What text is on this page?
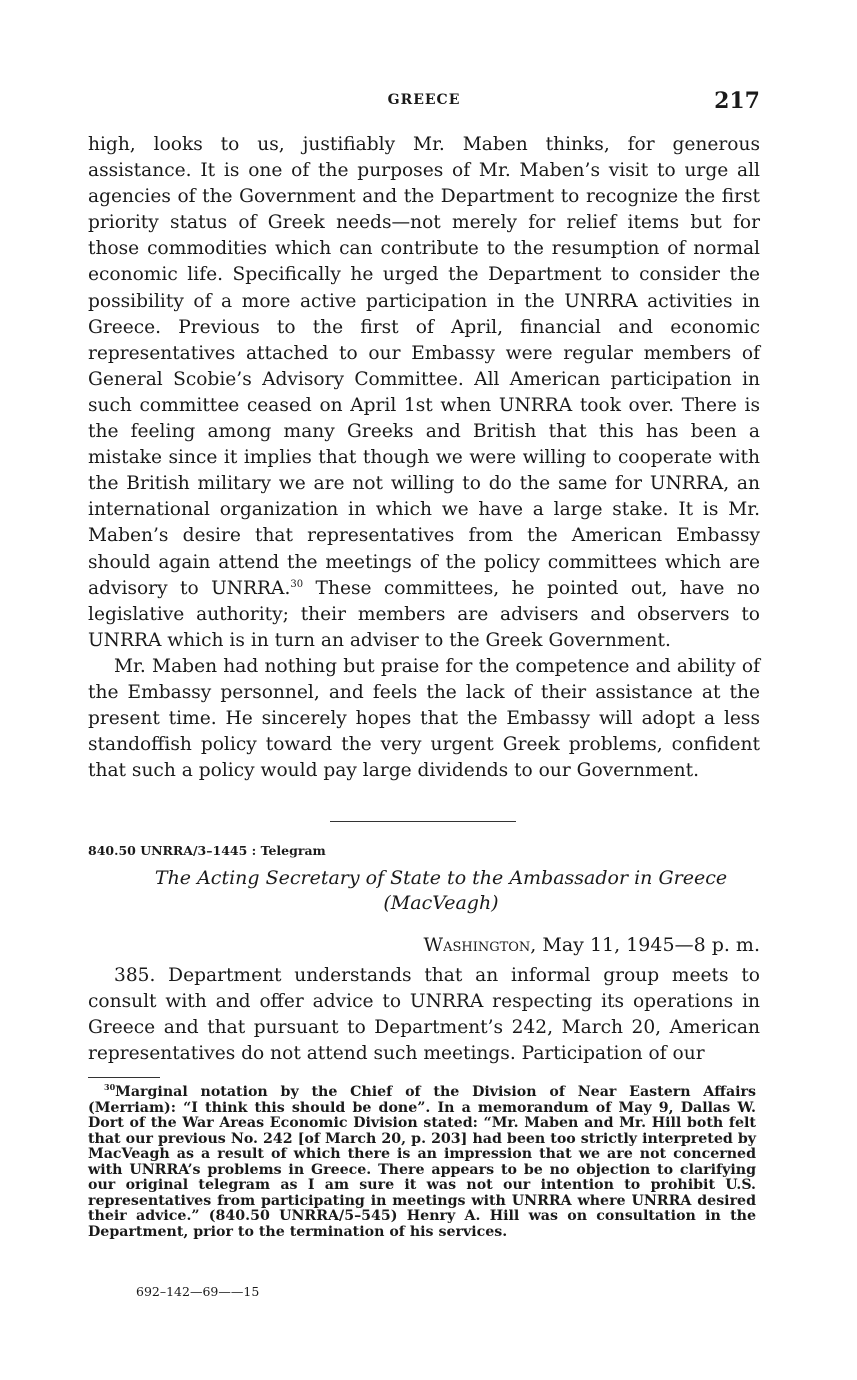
GREECE	217

high, looks to us, justifiably Mr. Maben thinks, for generous assistance. It is one of the purposes of Mr. Maben’s visit to urge all agencies of the Government and the Department to recognize the first priority status of Greek needs—not merely for relief items but for those commodities which can contribute to the resumption of normal economic life. Specifically he urged the Department to consider the possibility of a more active participation in the UNRRA activities in Greece. Previous to the first of April, financial and economic representatives attached to our Embassy were regular members of General Scobie’s Advisory Committee. All American participation in such committee ceased on April 1st when UNRRA took over. There is the feeling among many Greeks and British that this has been a mistake since it implies that though we were willing to cooperate with the British military we are not willing to do the same for UNRRA, an international organization in which we have a large stake. It is Mr. Maben’s desire that representatives from the American Embassy should again attend the meetings of the policy committees which are advisory to UNRRA.$^{30}$ These committees, he pointed out, have no legislative authority; their members are advisers and observers to UNRRA which is in turn an adviser to the Greek Government.

Mr. Maben had nothing but praise for the competence and ability of the Embassy personnel, and feels the lack of their assistance at the present time. He sincerely hopes that the Embassy will adopt a less standoffish policy toward the very urgent Greek problems, confident that such a policy would pay large dividends to our Government.

840.50 UNRRA/3–1445 : Telegram
The Acting Secretary of State to the Ambassador in Greece
(MacVeagh)
Washington, May 11, 1945—8 p. m.

385. Department understands that an informal group meets to consult with and offer advice to UNRRA respecting its operations in Greece and that pursuant to Department’s 242, March 20, American representatives do not attend such meetings. Participation of our

$^{30}$Marginal notation by the Chief of the Division of Near Eastern Affairs (Merriam): “I think this should be done”. In a memorandum of May 9, Dallas W. Dort of the War Areas Economic Division stated: “Mr. Maben and Mr. Hill both felt that our previous No. 242 [of March 20, p. 203] had been too strictly interpreted by MacVeagh as a result of which there is an impression that we are not concerned with UNRRA’s problems in Greece. There appears to be no objection to clarifying our original telegram as I am sure it was not our intention to prohibit U.S. representatives from participating in meetings with UNRRA where UNRRA desired their advice.” (840.50 UNRRA/5–545) Henry A. Hill was on consultation in the Department, prior to the termination of his services.

692–142—69——15
